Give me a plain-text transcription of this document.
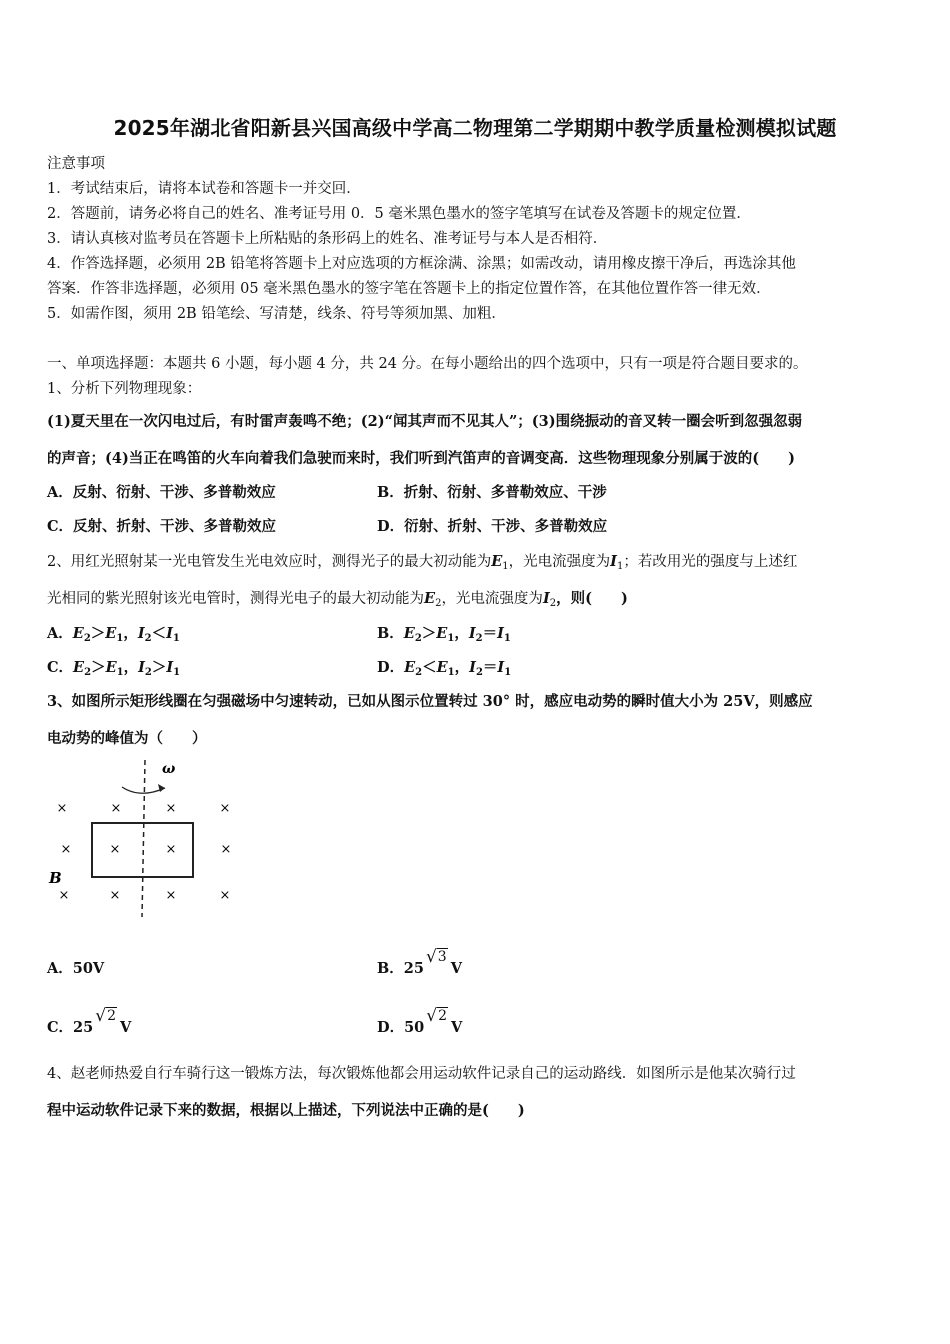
2025年湖北省阳新县兴国高级中学高二物理第二学期期中教学质量检测模拟试题
注意事项
1．考试结束后，请将本试卷和答题卡一并交回．
2．答题前，请务必将自己的姓名、准考证号用 0．5 毫米黑色墨水的签字笔填写在试卷及答题卡的规定位置．
3．请认真核对监考员在答题卡上所粘贴的条形码上的姓名、准考证号与本人是否相符．
4．作答选择题，必须用 2B 铅笔将答题卡上对应选项的方框涂满、涂黑；如需改动，请用橡皮擦干净后，再选涂其他
答案．作答非选择题，必须用 05 毫米黑色墨水的签字笔在答题卡上的指定位置作答，在其他位置作答一律无效．
5．如需作图，须用 2B 铅笔绘、写清楚，线条、符号等须加黑、加粗．
一、单项选择题：本题共 6 小题，每小题 4 分，共 24 分。在每小题给出的四个选项中，只有一项是符合题目要求的。
1、分析下列物理现象：
(1)夏天里在一次闪电过后，有时雷声轰鸣不绝；(2)“闻其声而不见其人”；(3)围绕振动的音叉转一圈会听到忽强忽弱
的声音；(4)当正在鸣笛的火车向着我们急驶而来时，我们听到汽笛声的音调变高．这些物理现象分别属于波的(　　)
A．反射、衍射、干涉、多普勒效应	B．折射、衍射、多普勒效应、干涉
C．反射、折射、干涉、多普勒效应	D．衍射、折射、干涉、多普勒效应
2、用红光照射某一光电管发生光电效应时，测得光子的最大初动能为$E_1$，光电流强度为$I_1$；若改用光的强度与上述红
光相同的紫光照射该光电管时，测得光电子的最大初动能为$E_2$，光电流强度为$I_2$，则(　　)
A．$E_2>E_1$，$I_2<I_1$	B．$E_2>E_1$，$I_2=I_1$
C．$E_2>E_1$，$I_2>I_1$	D．$E_2<E_1$，$I_2=I_1$
3、如图所示矩形线圈在匀强磁场中匀速转动，已如从图示位置转过 30° 时，感应电动势的瞬时值大小为 25V，则感应
电动势的峰值为（　　）
ω
B
×	×	×	×
×	×	×	×
×	×	×	×
A．50V	B．25√3V
C．25√2V	D．50√2V
4、赵老师热爱自行车骑行这一锻炼方法，每次锻炼他都会用运动软件记录自己的运动路线．如图所示是他某次骑行过
程中运动软件记录下来的数据，根据以上描述，下列说法中正确的是(　　)
